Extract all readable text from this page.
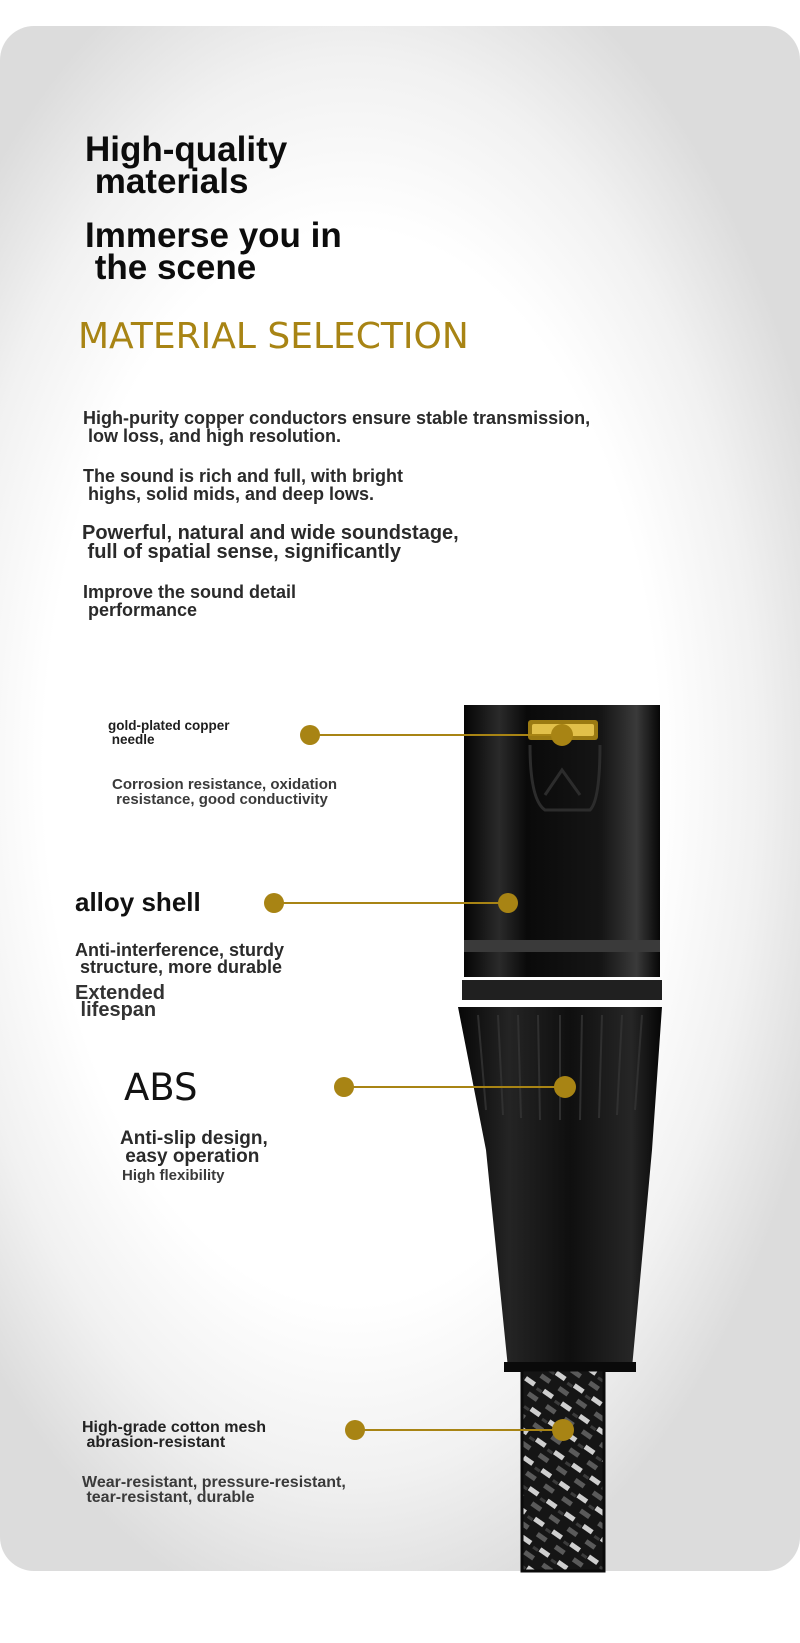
High-quality
materials
Immerse you in
the scene
MATERIAL SELECTION

High-purity copper conductors ensure stable transmission,
low loss, and high resolution.

The sound is rich and full, with bright
highs, solid mids, and deep lows.

Powerful, natural and wide soundstage,
full of spatial sense, significantly

Improve the sound detail
performance

gold-plated copper
needle

Corrosion resistance, oxidation
resistance, good conductivity

alloy shell

Anti-interference, sturdy
structure, more durable

Extended
lifespan

ABS

Anti-slip design,
easy operation

High flexibility

High-grade cotton mesh
abrasion-resistant

Wear-resistant, pressure-resistant,
tear-resistant, durable
